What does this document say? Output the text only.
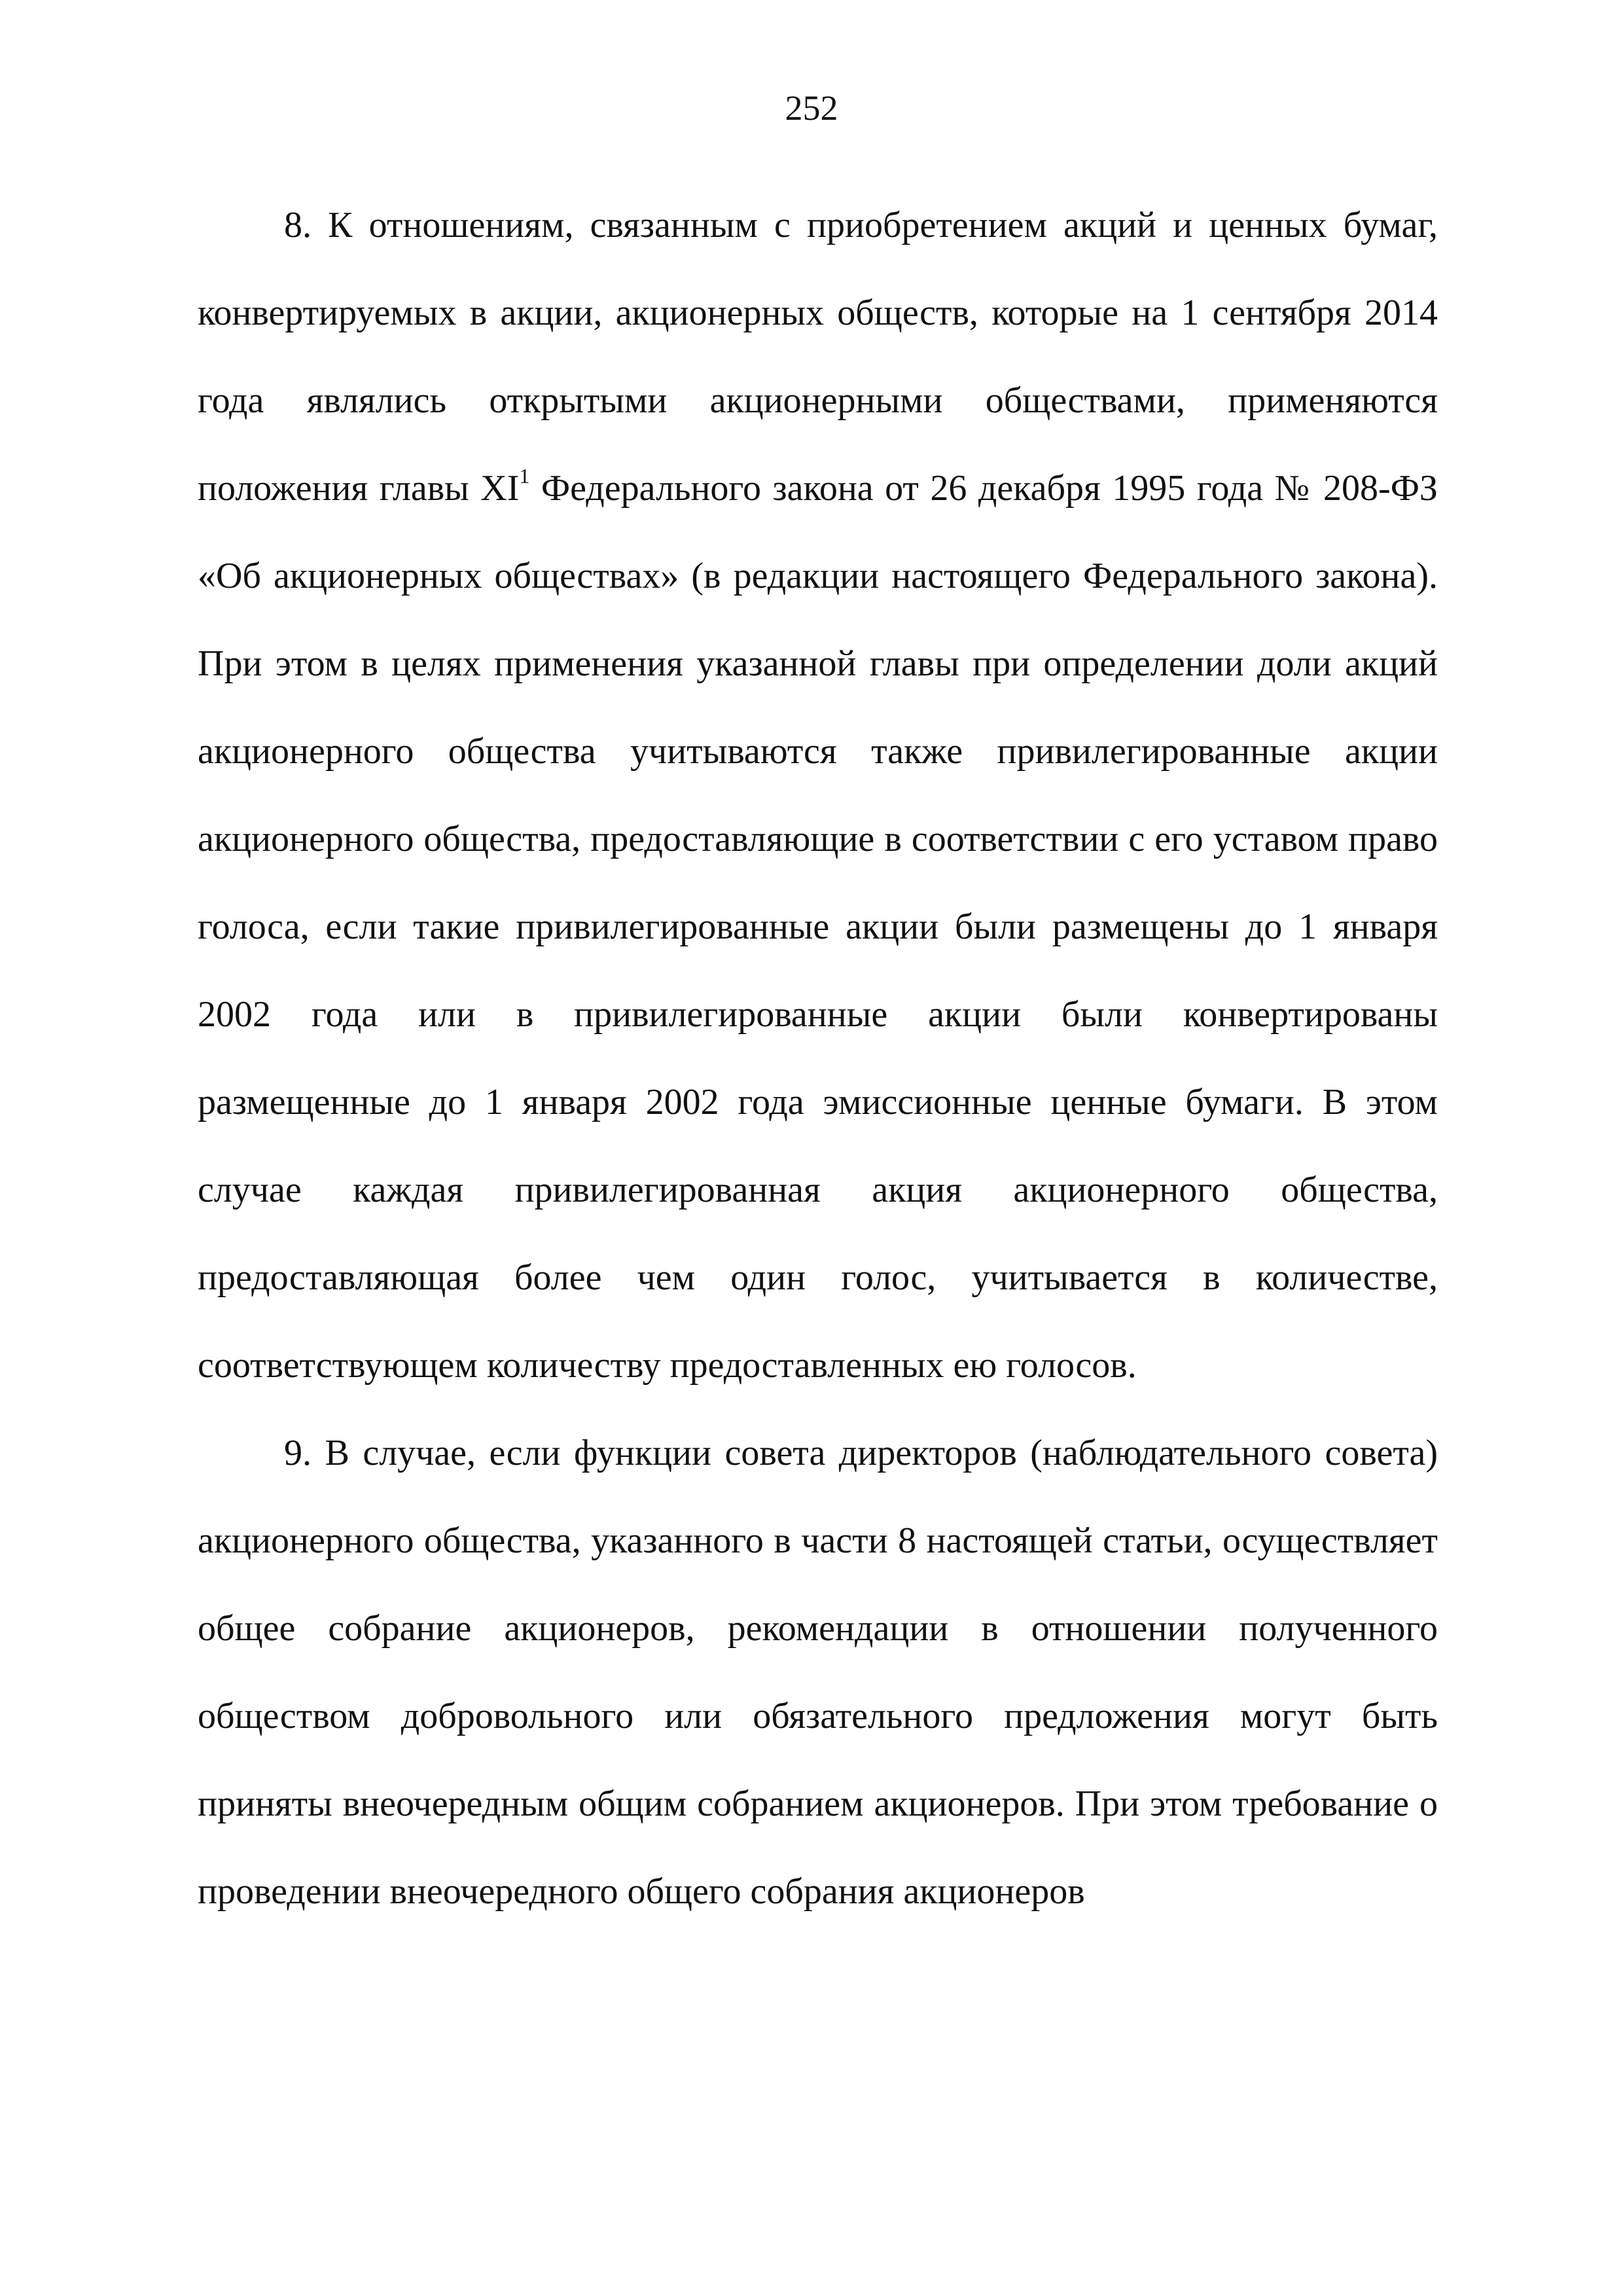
252

8. К отношениям, связанным с приобретением акций и ценных бумаг, конвертируемых в акции, акционерных обществ, которые на 1 сентября 2014 года являлись открытыми акционерными обществами, применяются положения главы $XI^1$ Федерального закона от 26 декабря 1995 года № 208-ФЗ «Об акционерных обществах» (в редакции настоящего Федерального закона). При этом в целях применения указанной главы при определении доли акций акционерного общества учитываются также привилегированные акции акционерного общества, предоставляющие в соответствии с его уставом право голоса, если такие привилегированные акции были размещены до 1 января 2002 года или в привилегированные акции были конвертированы размещенные до 1 января 2002 года эмиссионные ценные бумаги. В этом случае каждая привилегированная акция акционерного общества, предоставляющая более чем один голос, учитывается в количестве, соответствующем количеству предоставленных ею голосов.

9. В случае, если функции совета директоров (наблюдательного совета) акционерного общества, указанного в части 8 настоящей статьи, осуществляет общее собрание акционеров, рекомендации в отношении полученного обществом добровольного или обязательного предложения могут быть приняты внеочередным общим собранием акционеров. При этом требование о проведении внеочередного общего собрания акционеров
